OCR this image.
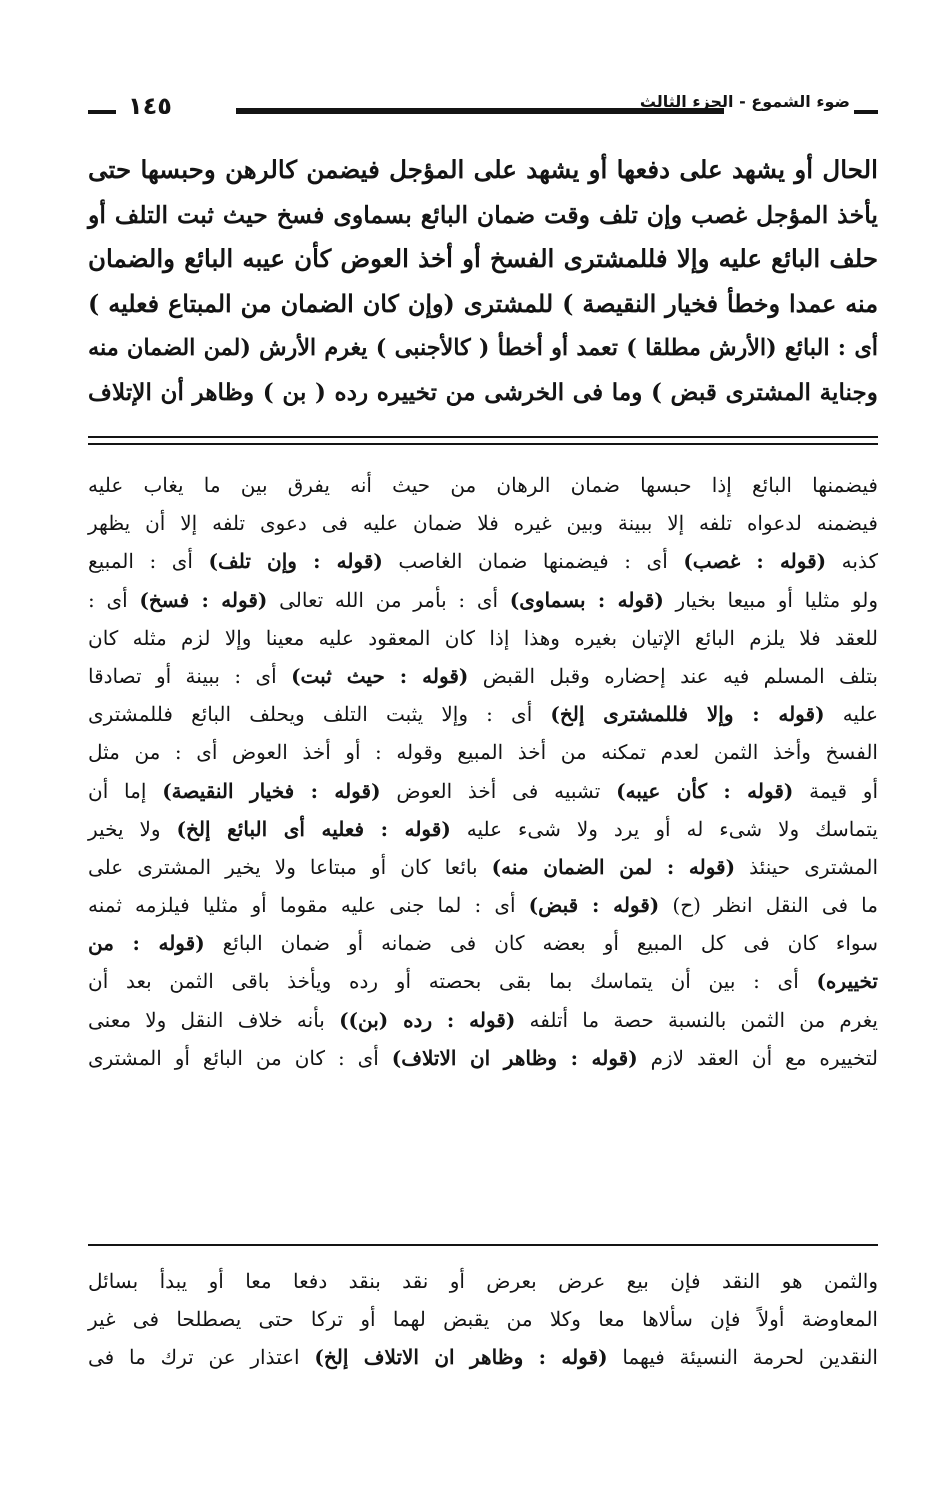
١٤٥	ضوء الشموع - الجزء الثالث
الحال أو يشهد على دفعها أو يشهد على المؤجل فيضمن كالرهن وحبسها حتى
يأخذ المؤجل غصب وإن تلف وقت ضمان البائع بسماوى فسخ حيث ثبت التلف أو
حلف البائع عليه وإلا فللمشترى الفسخ أو أخذ العوض كأن عيبه البائع والضمان
منه عمدا وخطأ فخيار النقيصة ) للمشترى (وإن كان الضمان من المبتاع فعليه )
أى : البائع (الأرش مطلقا ) تعمد أو أخطأ ( كالأجنبى ) يغرم الأرش (لمن الضمان منه
وجناية المشترى قبض ) وما فى الخرشى من تخييره رده ( بن ) وظاهر أن الإتلاف
فيضمنها البائع إذا حبسها ضمان الرهان من حيث أنه يفرق بين ما يغاب عليه
فيضمنه لدعواه تلفه إلا ببينة وبين غيره فلا ضمان عليه فى دعوى تلفه إلا أن يظهر
كذبه (قوله : غصب) أى : فيضمنها ضمان الغاصب (قوله : وإن تلف) أى : المبيع
ولو مثليا أو مبيعا بخيار (قوله : بسماوى) أى : بأمر من الله تعالى (قوله : فسخ) أى :
للعقد فلا يلزم البائع الإتيان بغيره وهذا إذا كان المعقود عليه معينا وإلا لزم مثله كان
بتلف المسلم فيه عند إحضاره وقبل القبض (قوله : حيث ثبت) أى : ببينة أو تصادقا
عليه (قوله : وإلا فللمشترى إلخ) أى : وإلا يثبت التلف ويحلف البائع فللمشترى
الفسخ وأخذ الثمن لعدم تمكنه من أخذ المبيع وقوله : أو أخذ العوض أى : من مثل
أو قيمة (قوله : كأن عيبه) تشبيه فى أخذ العوض (قوله : فخيار النقيصة) إما أن
يتماسك ولا شىء له أو يرد ولا شىء عليه (قوله : فعليه أى البائع إلخ) ولا يخير
المشترى حينئذ (قوله : لمن الضمان منه) بائعا كان أو مبتاعا ولا يخير المشترى على
ما فى النقل انظر (ح) (قوله : قبض) أى : لما جنى عليه مقوما أو مثليا فيلزمه ثمنه
سواء كان فى كل المبيع أو بعضه كان فى ضمانه أو ضمان البائع (قوله : من
تخييره) أى : بين أن يتماسك بما بقى بحصته أو رده ويأخذ باقى الثمن بعد أن
يغرم من الثمن بالنسبة حصة ما أتلفه (قوله : رده (بن)) بأنه خلاف النقل ولا معنى
لتخييره مع أن العقد لازم (قوله : وظاهر ان الاتلاف) أى : كان من البائع أو المشترى
والثمن هو النقد فإن بيع عرض بعرض أو نقد بنقد دفعا معا أو يبدأ بسائل
المعاوضة أولاً فإن سألاها معا وكلا من يقبض لهما أو تركا حتى يصطلحا فى غير
النقدين لحرمة النسيئة فيهما (قوله : وظاهر ان الاتلاف إلخ) اعتذار عن ترك ما فى
